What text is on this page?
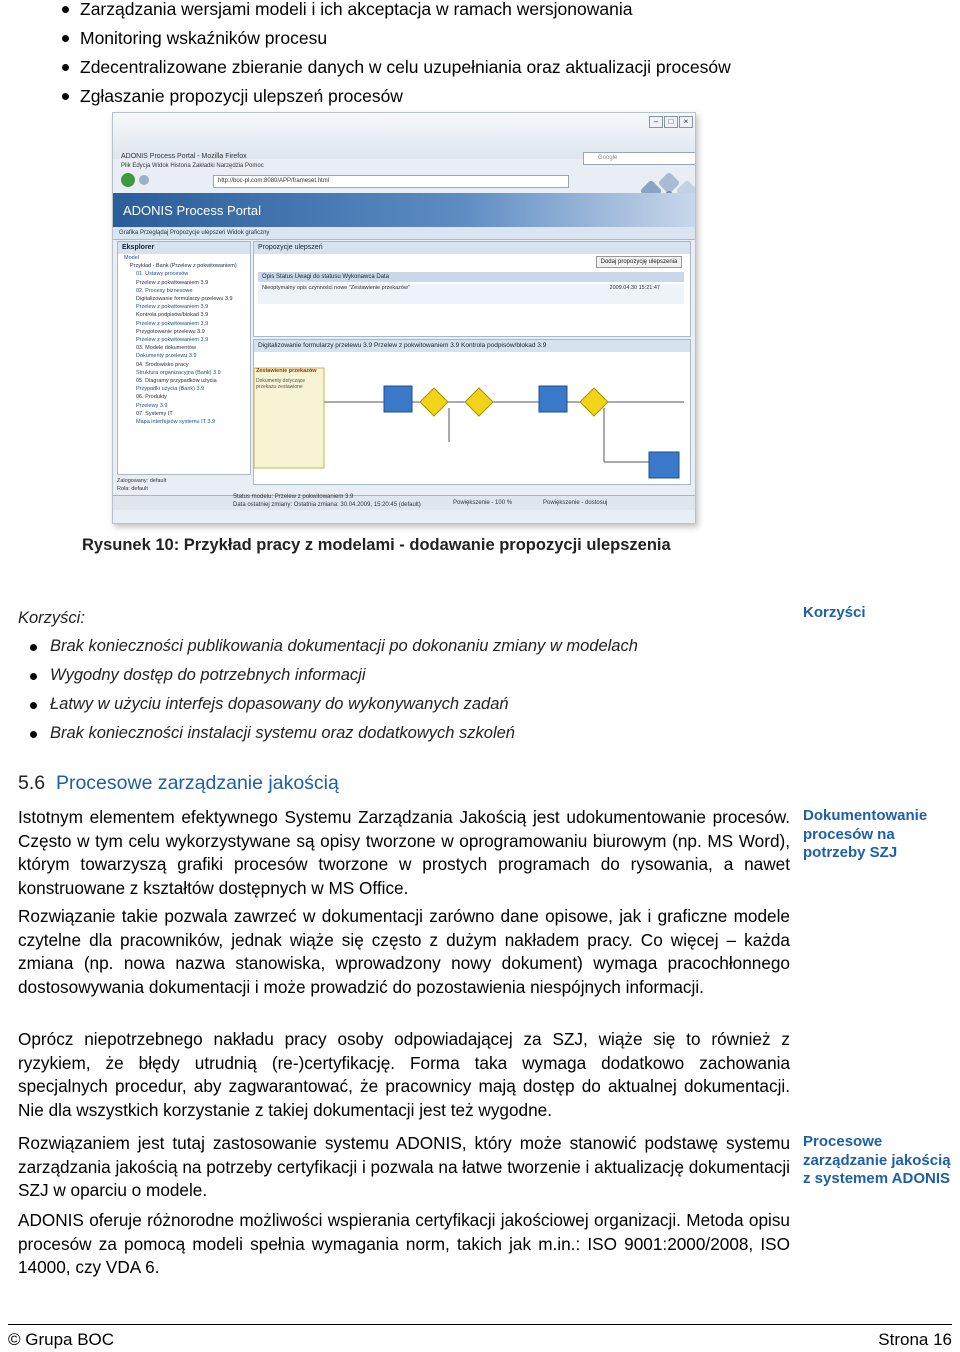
Zarządzania wersjami modeli i ich akceptacja w ramach wersjonowania
Monitoring wskaźników procesu
Zdecentralizowane zbieranie danych w celu uzupełniania oraz aktualizacji procesów
Zgłaszanie propozycji ulepszeń procesów
ADONIS Process Portal - Mozilla Firefox
–	□	×
Plik Edycja Widok Historia Zakładki Narzędzia Pomoc
http://boc-pl.com:8080/APP/frameset.html
Google
ADONIS Process Portal
Grafika Przeglądaj Propozycje ulepszeń Widok graficzny
Eksplorer
Model
Przykład - Bank (Przelew z pokwitowaniem)
01. Ustawy procesów
Przelew z pokwitowaniem 3.9
02. Procesy biznesowe
Digitalizowanie formularzy przelewu 3.9
Przelew z pokwitowaniem 3.9
Kontrola podpisów/blokad 3.9
Przelew z pokwitowaniem 3.9
Przygotowanie przelewu 3.9
Przelew z pokwitowaniem 3.9
03. Modele dokumentów
Dokumenty przelewu 3.9
04. Środowisko pracy
Struktura organizacyjna (Bank) 3.9
05. Diagramy przypadków użycia
Przypadki użycia (Bank) 3.9
06. Produkty
Przelewy 3.9
07. Systemy IT
Mapa interfejsów systemu IT 3.9
Propozycje ulepszeń
Dodaj propozycję ulepszenia
Opis Status Uwagi do statusu Wykonawca Data
Nieoptymalny opis czynności nowe "Zestawienie przekazów"	2009.04.30 15:21:47
Digitalizowanie formularzy przelewu 3.9 Przelew z pokwitowaniem 3.9 Kontrola podpisów/blokad 3.9
Zestawienie przekazów
Dokumenty dotyczące przekazu zestawione
Zalogowany: default
Rola: default
Status modelu: Przelew z pokwitowaniem 3.9
Data ostatniej zmiany: Ostatnia zmiana: 30.04.2009, 15:20:45 (default)	Powiększenie - 100 %	Powiększenie - dostosuj
Rysunek 10: Przykład pracy z modelami - dodawanie propozycji ulepszenia
Korzyści:
Brak konieczności publikowania dokumentacji po dokonaniu zmiany w modelach
Wygodny dostęp do potrzebnych informacji
Łatwy w użyciu interfejs dopasowany do wykonywanych zadań
Brak konieczności instalacji systemu oraz dodatkowych szkoleń
Korzyści
5.6 Procesowe zarządzanie jakością
Istotnym elementem efektywnego Systemu Zarządzania Jakością jest udokumentowanie procesów. Często w tym celu wykorzystywane są opisy tworzone w oprogramowaniu biurowym (np. MS Word), którym towarzyszą grafiki procesów tworzone w prostych programach do rysowania, a nawet konstruowane z kształtów dostępnych w MS Office.
Rozwiązanie takie pozwala zawrzeć w dokumentacji zarówno dane opisowe, jak i graficzne modele czytelne dla pracowników, jednak wiąże się często z dużym nakładem pracy. Co więcej – każda zmiana (np. nowa nazwa stanowiska, wprowadzony nowy dokument) wymaga pracochłonnego dostosowywania dokumentacji i może prowadzić do pozostawienia niespójnych informacji.
Oprócz niepotrzebnego nakładu pracy osoby odpowiadającej za SZJ, wiąże się to również z ryzykiem, że błędy utrudnią (re-)certyfikację. Forma taka wymaga dodatkowo zachowania specjalnych procedur, aby zagwarantować, że pracownicy mają dostęp do aktualnej dokumentacji. Nie dla wszystkich korzystanie z takiej dokumentacji jest też wygodne.
Rozwiązaniem jest tutaj zastosowanie systemu ADONIS, który może stanowić podstawę systemu zarządzania jakością na potrzeby certyfikacji i pozwala na łatwe tworzenie i aktualizację dokumentacji SZJ w oparciu o modele.
ADONIS oferuje różnorodne możliwości wspierania certyfikacji jakościowej organizacji. Metoda opisu procesów za pomocą modeli spełnia wymagania norm, takich jak m.in.: ISO 9001:2000/2008, ISO 14000, czy VDA 6.
Dokumentowanie procesów na potrzeby SZJ
Procesowe zarządzanie jakością z systemem ADONIS
© Grupa BOC	Strona 16
